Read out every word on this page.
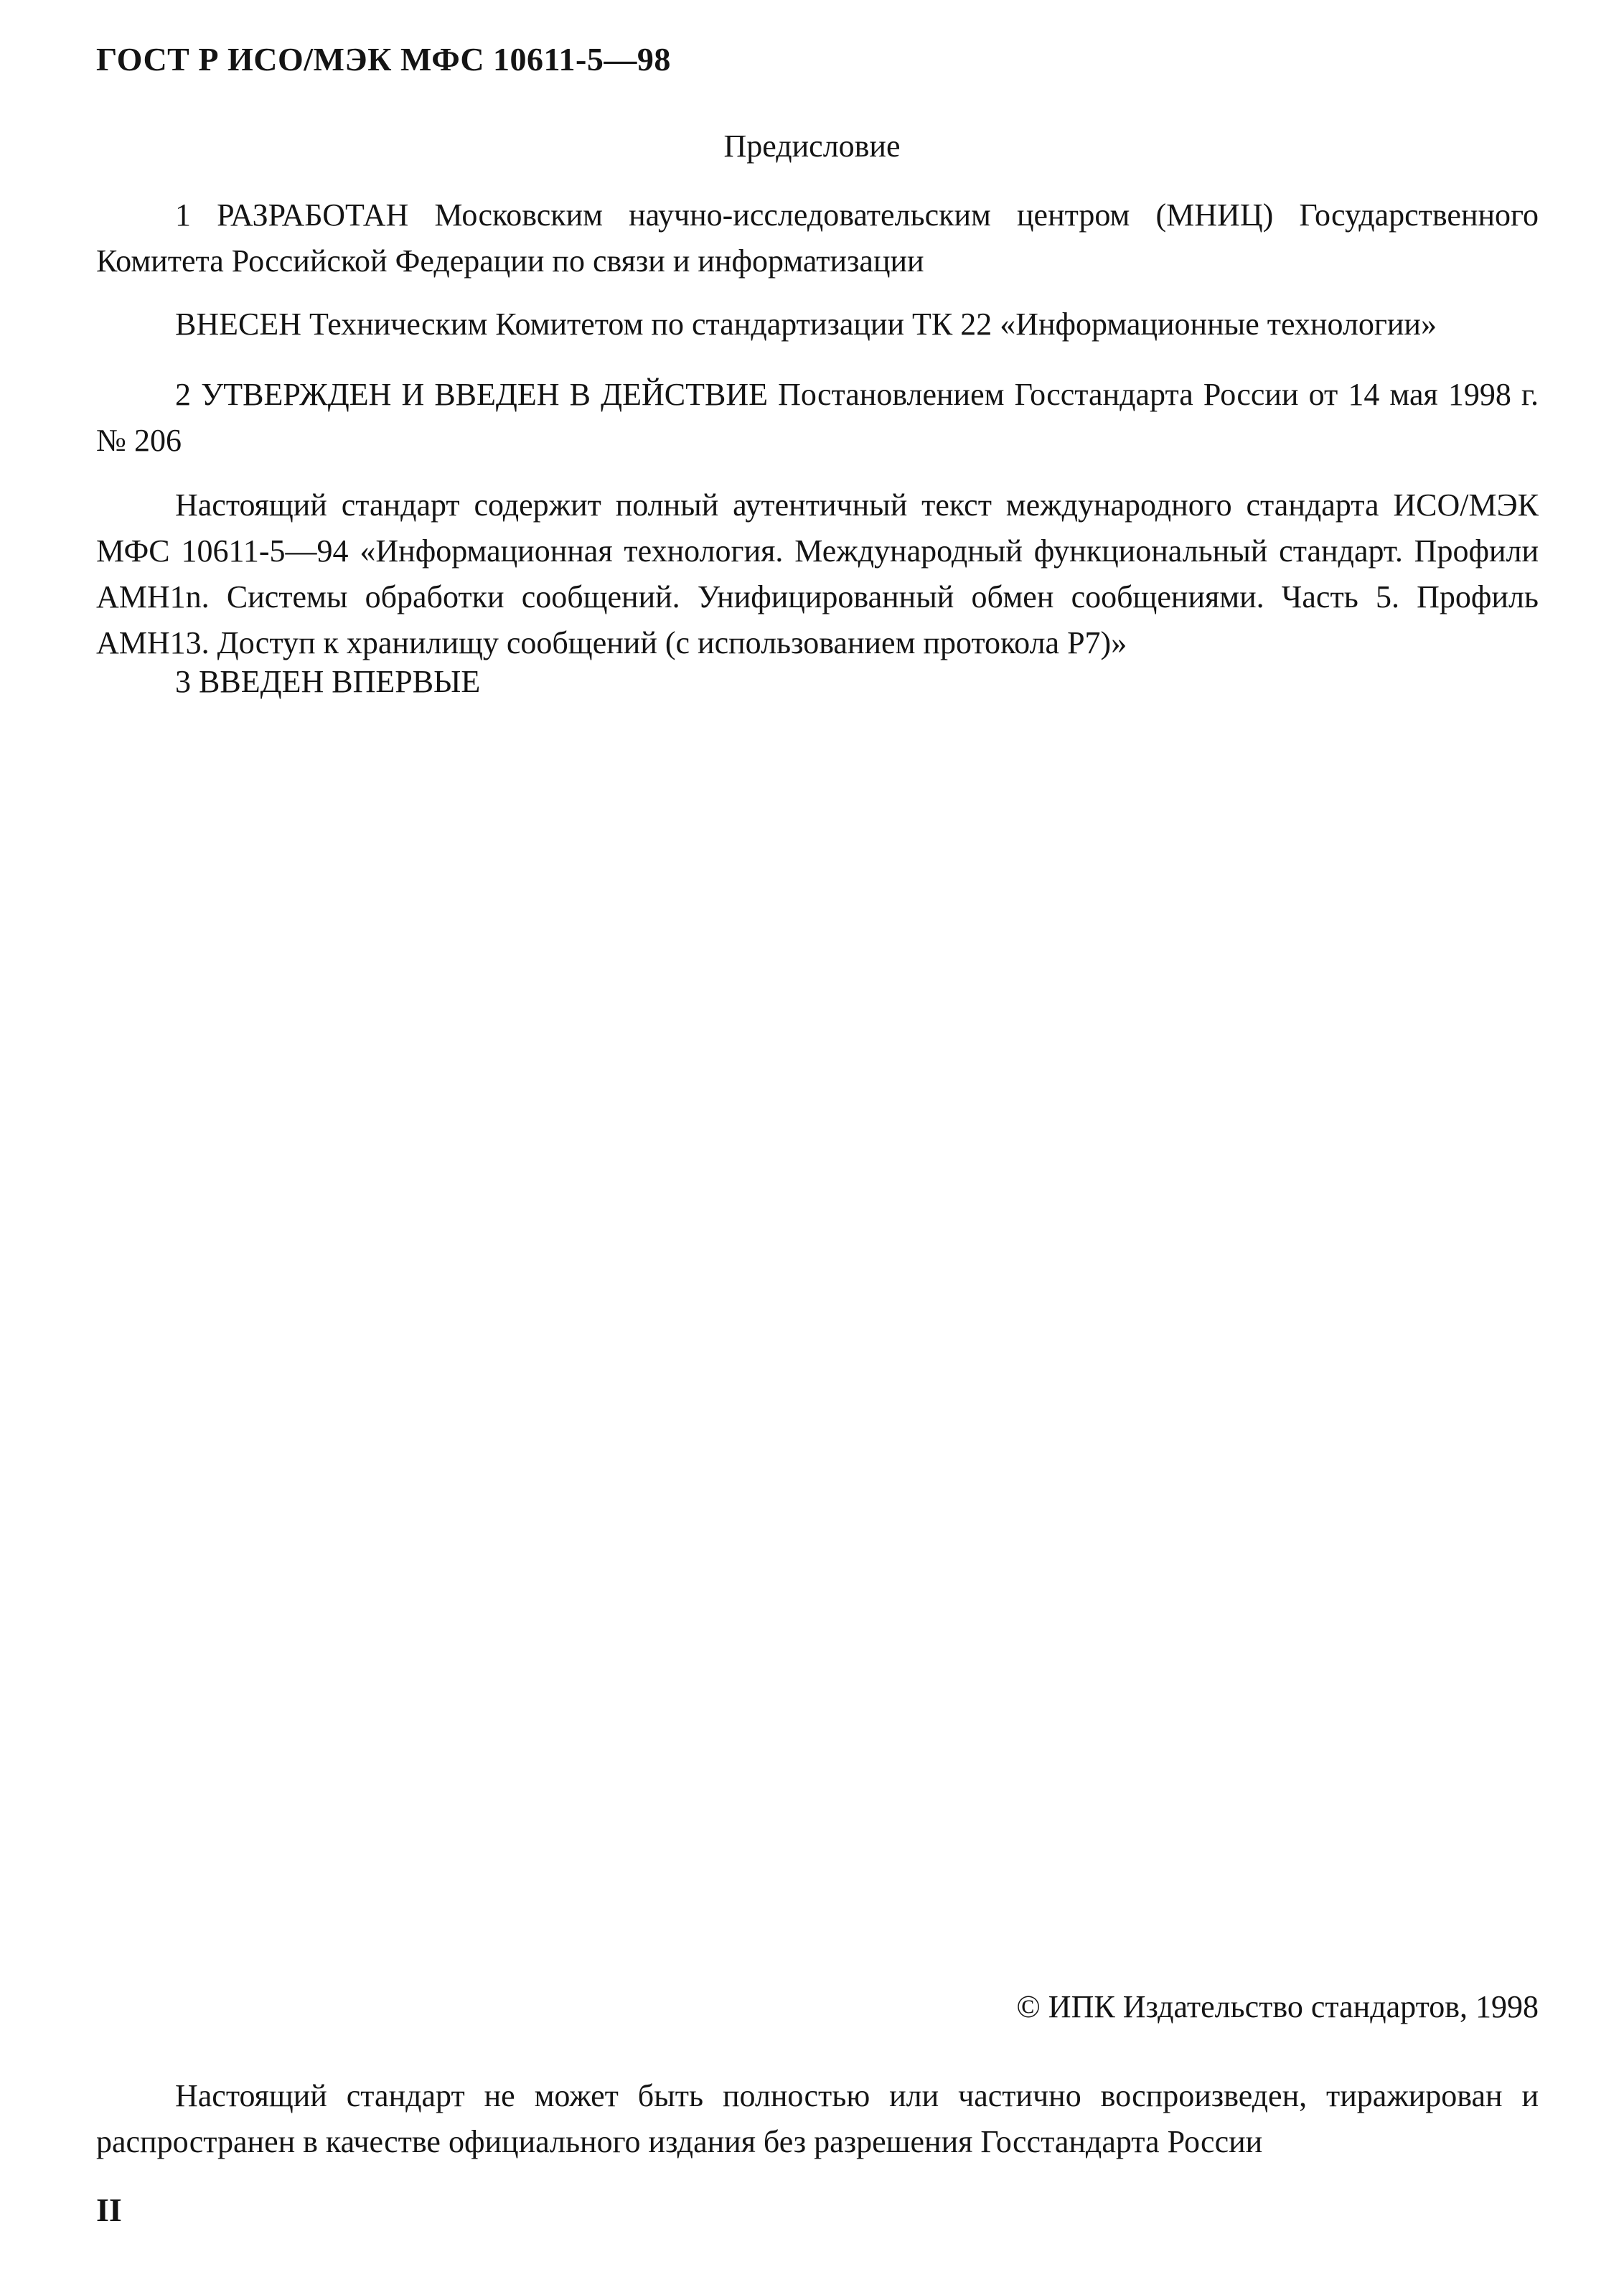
ГОСТ Р ИСО/МЭК МФС 10611-5—98
Предисловие

1 РАЗРАБОТАН Московским научно-исследовательским центром (МНИЦ) Государственного Комитета Российской Федерации по связи и информатизации

ВНЕСЕН Техническим Комитетом по стандартизации ТК 22 «Информационные технологии»

2 УТВЕРЖДЕН И ВВЕДЕН В ДЕЙСТВИЕ Постановлением Госстандарта России от 14 мая 1998 г. № 206

Настоящий стандарт содержит полный аутентичный текст международного стандарта ИСО/МЭК МФС 10611-5—94 «Информационная технология. Международный функциональный стандарт. Профили AMH1n. Системы обработки сообщений. Унифицированный обмен сообщениями. Часть 5. Профиль AMH13. Доступ к хранилищу сообщений (с использованием протокола P7)»

3 ВВЕДЕН ВПЕРВЫЕ

© ИПК Издательство стандартов, 1998

Настоящий стандарт не может быть полностью или частично воспроизведен, тиражирован и распространен в качестве официального издания без разрешения Госстандарта России

II
